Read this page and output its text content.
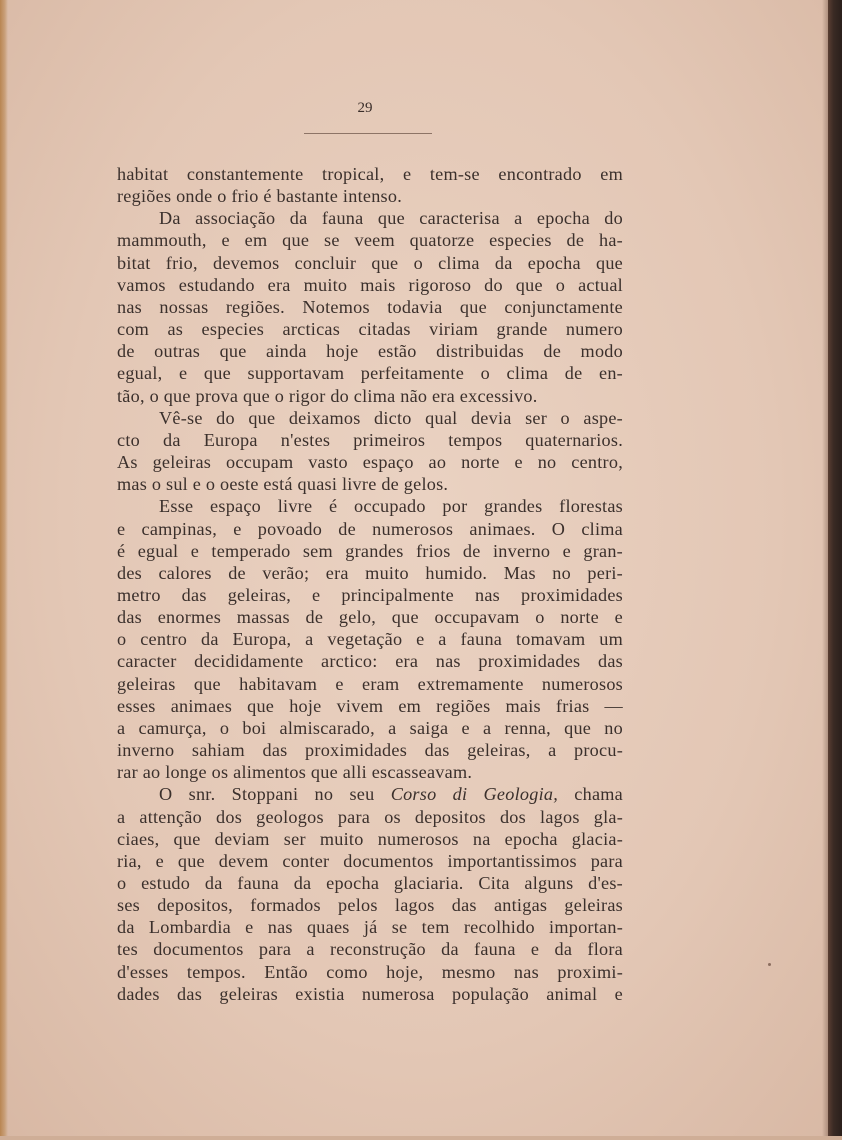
29
habitat constantemente tropical, e tem-se encontrado em
regiões onde o frio é bastante intenso.
Da associação da fauna que caracterisa a epocha do
mammouth, e em que se veem quatorze especies de ha-
bitat frio, devemos concluir que o clima da epocha que
vamos estudando era muito mais rigoroso do que o actual
nas nossas regiões. Notemos todavia que conjunctamente
com as especies arcticas citadas viriam grande numero
de outras que ainda hoje estão distribuidas de modo
egual, e que supportavam perfeitamente o clima de en-
tão, o que prova que o rigor do clima não era excessivo.
Vê-se do que deixamos dicto qual devia ser o aspe-
cto da Europa n'estes primeiros tempos quaternarios.
As geleiras occupam vasto espaço ao norte e no centro,
mas o sul e o oeste está quasi livre de gelos.
Esse espaço livre é occupado por grandes florestas
e campinas, e povoado de numerosos animaes. O clima
é egual e temperado sem grandes frios de inverno e gran-
des calores de verão; era muito humido. Mas no peri-
metro das geleiras, e principalmente nas proximidades
das enormes massas de gelo, que occupavam o norte e
o centro da Europa, a vegetação e a fauna tomavam um
caracter decididamente arctico: era nas proximidades das
geleiras que habitavam e eram extremamente numerosos
esses animaes que hoje vivem em regiões mais frias —
a camurça, o boi almiscarado, a saiga e a renna, que no
inverno sahiam das proximidades das geleiras, a procu-
rar ao longe os alimentos que alli escasseavam.
O snr. Stoppani no seu Corso di Geologia, chama
a attenção dos geologos para os depositos dos lagos gla-
ciaes, que deviam ser muito numerosos na epocha glacia-
ria, e que devem conter documentos importantissimos para
o estudo da fauna da epocha glaciaria. Cita alguns d'es-
ses depositos, formados pelos lagos das antigas geleiras
da Lombardia e nas quaes já se tem recolhido importan-
tes documentos para a reconstrução da fauna e da flora
d'esses tempos. Então como hoje, mesmo nas proximi-
dades das geleiras existia numerosa população animal e
